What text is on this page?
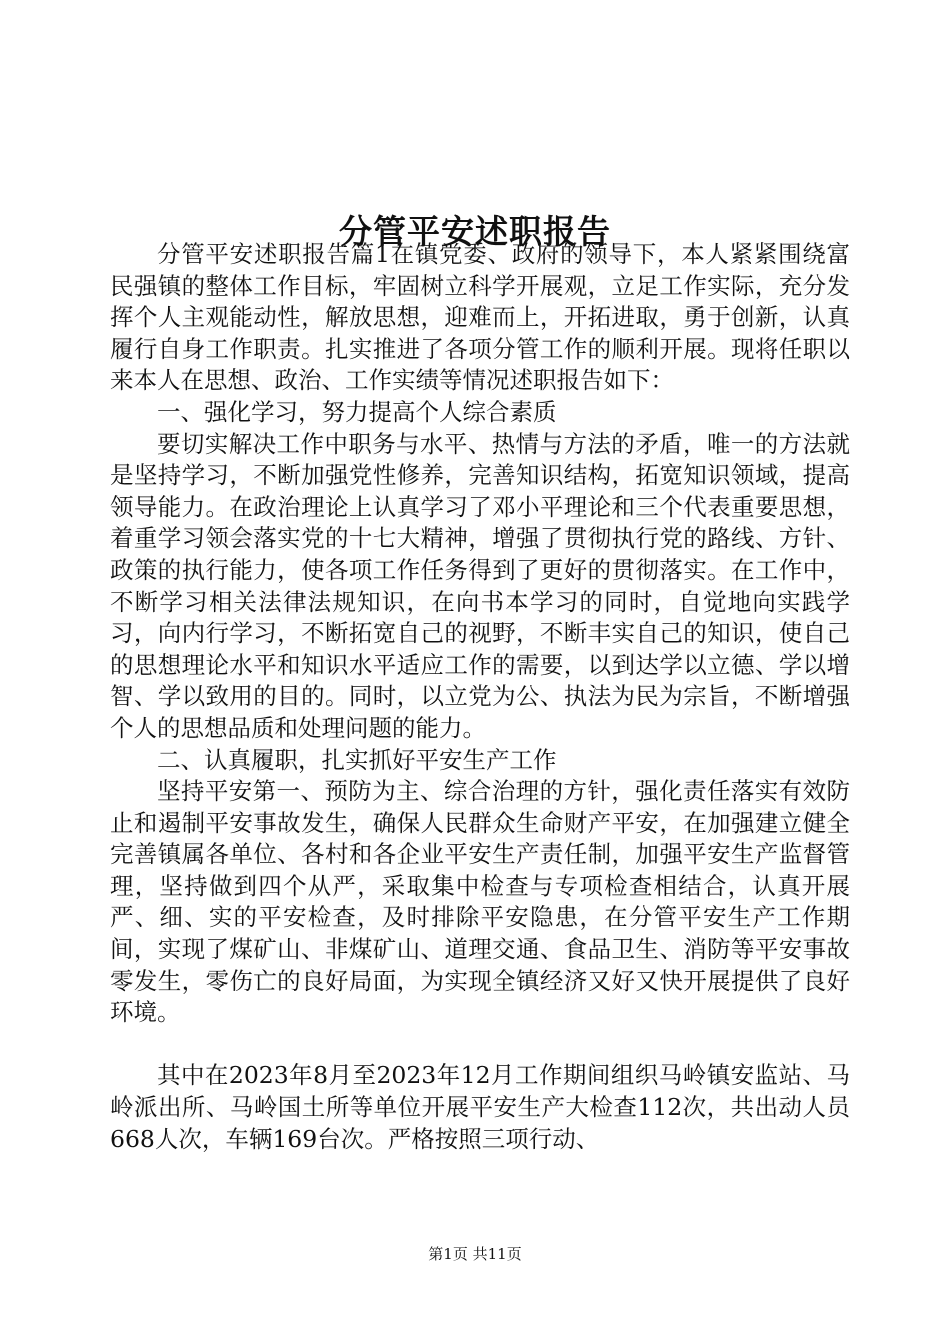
分管平安述职报告

分管平安述职报告篇1在镇党委、政府的领导下，本人紧紧围绕富民强镇的整体工作目标，牢固树立科学开展观，立足工作实际，充分发挥个人主观能动性，解放思想，迎难而上，开拓进取，勇于创新，认真履行自身工作职责。扎实推进了各项分管工作的顺利开展。现将任职以来本人在思想、政治、工作实绩等情况述职报告如下：

一、强化学习，努力提高个人综合素质

要切实解决工作中职务与水平、热情与方法的矛盾，唯一的方法就是坚持学习，不断加强党性修养，完善知识结构，拓宽知识领域，提高领导能力。在政治理论上认真学习了邓小平理论和三个代表重要思想，着重学习领会落实党的十七大精神，增强了贯彻执行党的路线、方针、政策的执行能力，使各项工作任务得到了更好的贯彻落实。在工作中，不断学习相关法律法规知识，在向书本学习的同时，自觉地向实践学习，向内行学习，不断拓宽自己的视野，不断丰实自己的知识，使自己的思想理论水平和知识水平适应工作的需要，以到达学以立德、学以增智、学以致用的目的。同时，以立党为公、执法为民为宗旨，不断增强个人的思想品质和处理问题的能力。

二、认真履职，扎实抓好平安生产工作

坚持平安第一、预防为主、综合治理的方针，强化责任落实有效防止和遏制平安事故发生，确保人民群众生命财产平安，在加强建立健全完善镇属各单位、各村和各企业平安生产责任制，加强平安生产监督管理，坚持做到四个从严，采取集中检查与专项检查相结合，认真开展严、细、实的平安检查，及时排除平安隐患，在分管平安生产工作期间，实现了煤矿山、非煤矿山、道理交通、食品卫生、消防等平安事故零发生，零伤亡的良好局面，为实现全镇经济又好又快开展提供了良好环境。

其中在2023年8月至2023年12月工作期间组织马岭镇安监站、马岭派出所、马岭国土所等单位开展平安生产大检查112次，共出动人员668人次，车辆169台次。严格按照三项行动、

第1页 共11页
